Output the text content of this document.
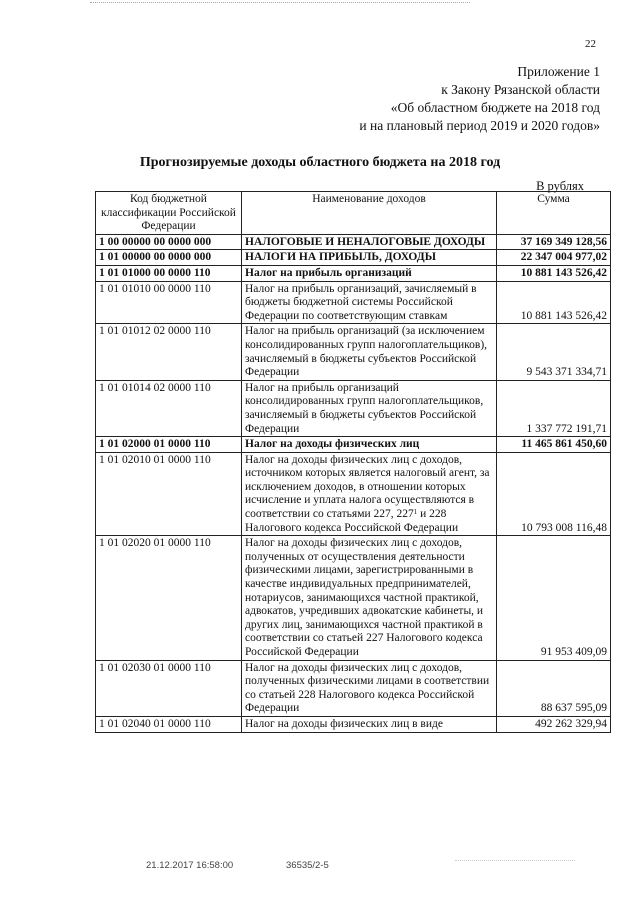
22
Приложение 1
к Закону Рязанской области
«Об областном бюджете на 2018 год
и на плановый период 2019 и 2020 годов»
Прогнозируемые доходы областного бюджета на 2018 год
В рублях
Код бюджетной классификации Российской Федерации	Наименование доходов	Сумма
1 00 00000 00 0000 000	НАЛОГОВЫЕ И НЕНАЛОГОВЫЕ ДОХОДЫ	37 169 349 128,56
1 01 00000 00 0000 000	НАЛОГИ НА ПРИБЫЛЬ, ДОХОДЫ	22 347 004 977,02
1 01 01000 00 0000 110	Налог на прибыль организаций	10 881 143 526,42
1 01 01010 00 0000 110	Налог на прибыль организаций, зачисляемый в бюджеты бюджетной системы Российской Федерации по соответствующим ставкам	10 881 143 526,42
1 01 01012 02 0000 110	Налог на прибыль организаций (за исключением консолидированных групп налогоплательщиков), зачисляемый в бюджеты субъектов Российской Федерации	9 543 371 334,71
1 01 01014 02 0000 110	Налог на прибыль организаций консолидированных групп налогоплательщиков, зачисляемый в бюджеты субъектов Российской Федерации	1 337 772 191,71
1 01 02000 01 0000 110	Налог на доходы физических лиц	11 465 861 450,60
1 01 02010 01 0000 110	Налог на доходы физических лиц с доходов, источником которых является налоговый агент, за исключением доходов, в отношении которых исчисление и уплата налога осуществляются в соответствии со статьями 227, $227^1$ и 228 Налогового кодекса Российской Федерации	10 793 008 116,48
1 01 02020 01 0000 110	Налог на доходы физических лиц с доходов, полученных от осуществления деятельности физическими лицами, зарегистрированными в качестве индивидуальных предпринимателей, нотариусов, занимающихся частной практикой, адвокатов, учредивших адвокатские кабинеты, и других лиц, занимающихся частной практикой в соответствии со статьей 227 Налогового кодекса Российской Федерации	91 953 409,09
1 01 02030 01 0000 110	Налог на доходы физических лиц с доходов, полученных физическими лицами в соответствии со статьей 228 Налогового кодекса Российской Федерации	88 637 595,09
1 01 02040 01 0000 110	Налог на доходы физических лиц в виде	492 262 329,94
21.12.2017 16:58:00	36535/2-5
